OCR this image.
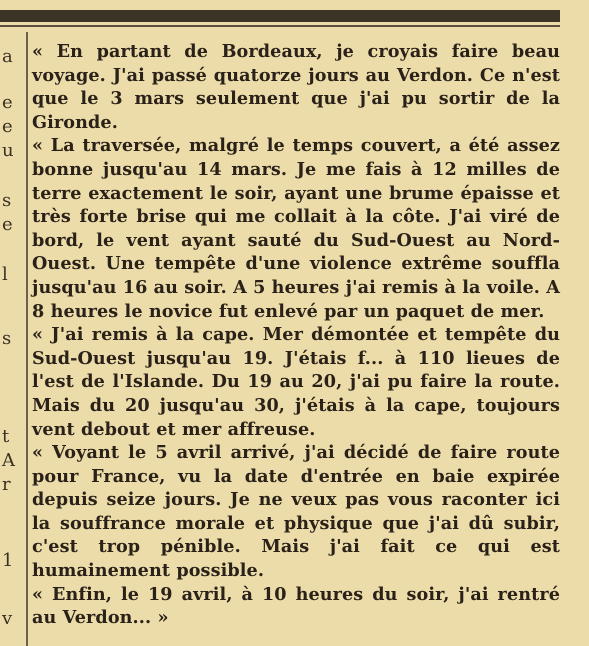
a
e
e
u
s
e
l
s
t
A
r
1
v

« En partant de Bordeaux, je croyais faire beau voyage. J'ai passé quatorze jours au Verdon. Ce n'est que le 3 mars seulement que j'ai pu sortir de la Gironde.

« La traversée, malgré le temps couvert, a été assez bonne jusqu'au 14 mars. Je me fais à 12 milles de terre exactement le soir, ayant une brume épaisse et très forte brise qui me collait à la côte. J'ai viré de bord, le vent ayant sauté du Sud-Ouest au Nord-Ouest. Une tempête d'une violence extrême souffla jusqu'au 16 au soir. A 5 heures j'ai remis à la voile. A 8 heures le novice fut enlevé par un paquet de mer.

« J'ai remis à la cape. Mer démontée et tempête du Sud-Ouest jusqu'au 19. J'étais f... à 110 lieues de l'est de l'Islande. Du 19 au 20, j'ai pu faire la route. Mais du 20 jusqu'au 30, j'étais à la cape, toujours vent debout et mer affreuse.

« Voyant le 5 avril arrivé, j'ai décidé de faire route pour France, vu la date d'entrée en baie expirée depuis seize jours. Je ne veux pas vous raconter ici la souffrance morale et physique que j'ai dû subir, c'est trop pénible. Mais j'ai fait ce qui est humainement possible.

« Enfin, le 19 avril, à 10 heures du soir, j'ai rentré au Verdon... »
